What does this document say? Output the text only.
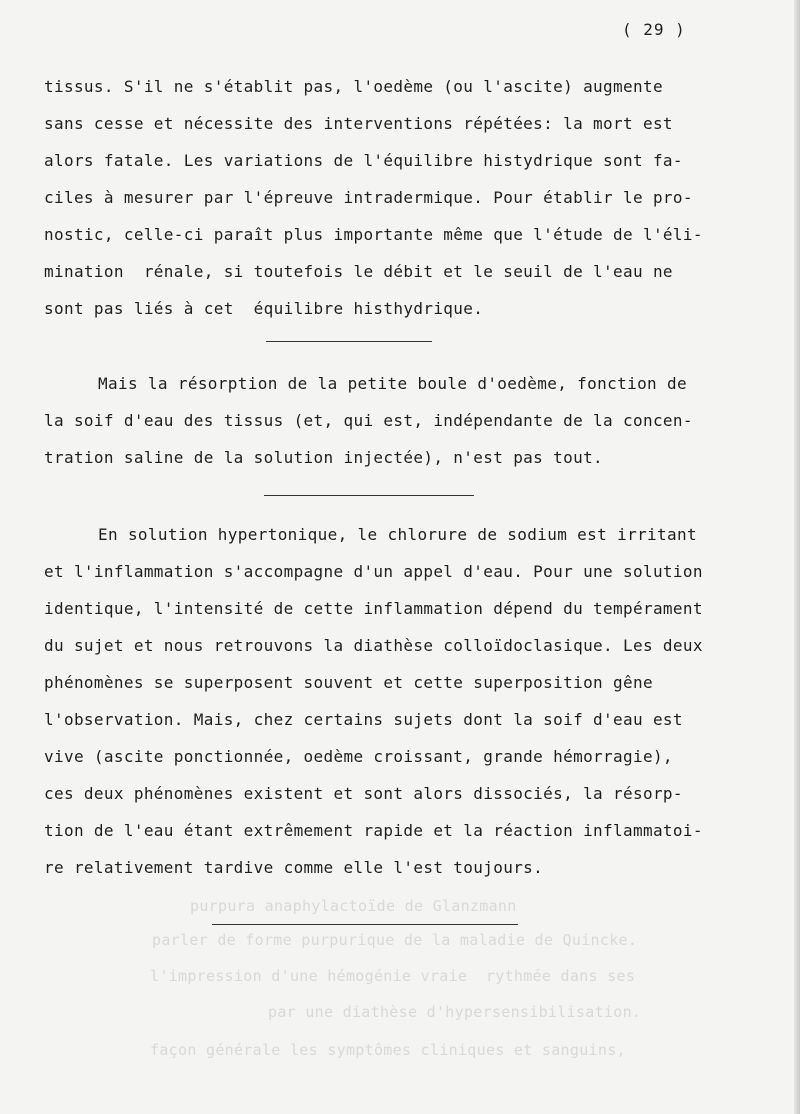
purpura anaphylactoïde de Glanzmann
parler de forme purpurique de la maladie de Quincke.
l'impression d'une hémogénie vraie  rythmée dans ses
par une diathèse d'hypersensibilisation.
façon générale les symptômes cliniques et sanguins,
( 29 )
tissus. S'il ne s'établit pas, l'oedème (ou l'ascite) augmente
sans cesse et nécessite des interventions répétées: la mort est
alors fatale. Les variations de l'équilibre histydrique sont fa-
ciles à mesurer par l'épreuve intradermique. Pour établir le pro-
nostic, celle-ci paraît plus importante même que l'étude de l'éli-
mination  rénale, si toutefois le débit et le seuil de l'eau ne
sont pas liés à cet  équilibre histhydrique.
Mais la résorption de la petite boule d'oedème, fonction de
la soif d'eau des tissus (et, qui est, indépendante de la concen-
tration saline de la solution injectée), n'est pas tout.
En solution hypertonique, le chlorure de sodium est irritant
et l'inflammation s'accompagne d'un appel d'eau. Pour une solution
identique, l'intensité de cette inflammation dépend du tempérament
du sujet et nous retrouvons la diathèse colloïdoclasique. Les deux
phénomènes se superposent souvent et cette superposition gêne
l'observation. Mais, chez certains sujets dont la soif d'eau est
vive (ascite ponctionnée, oedème croissant, grande hémorragie),
ces deux phénomènes existent et sont alors dissociés, la résorp-
tion de l'eau étant extrêmement rapide et la réaction inflammatoi-
re relativement tardive comme elle l'est toujours.
